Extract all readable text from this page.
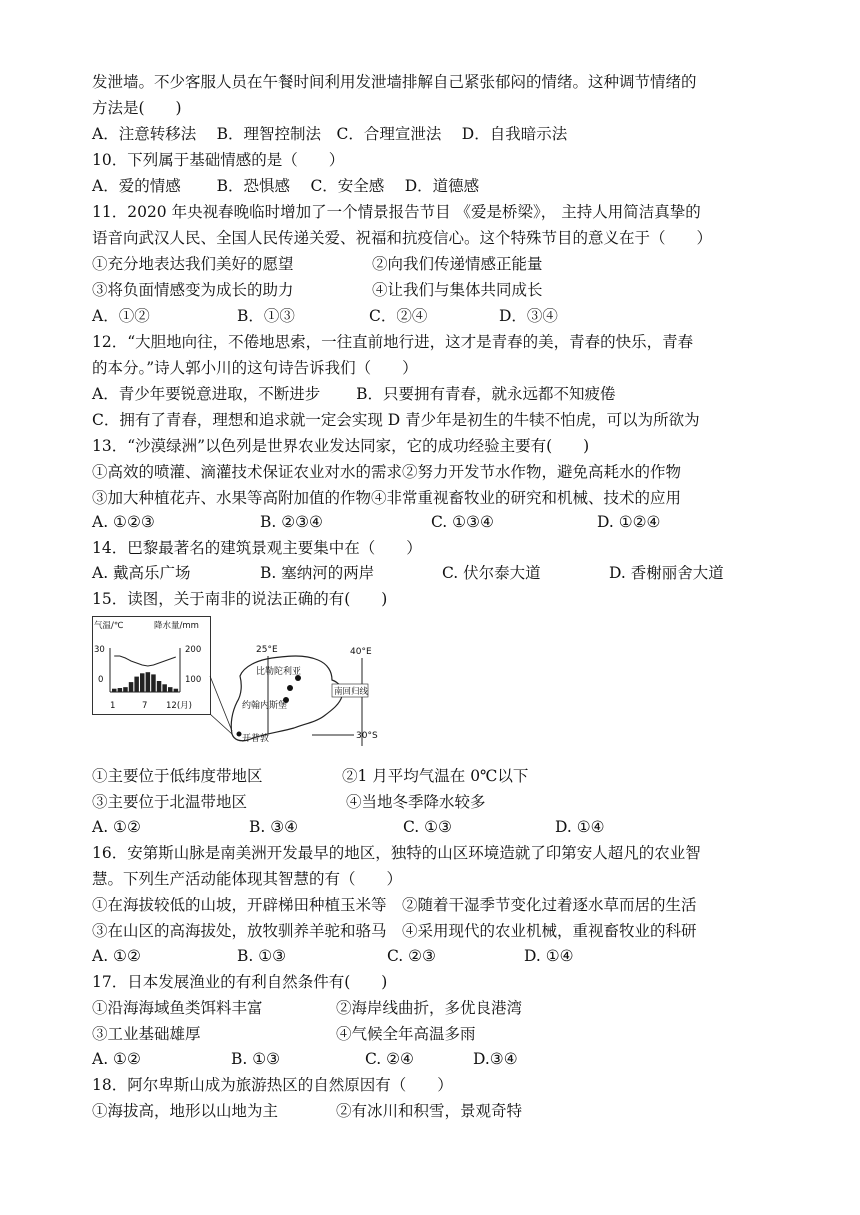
发泄墙。不少客服人员在午餐时间利用发泄墙排解自己紧张郁闷的情绪。这种调节情绪的
方法是(　　)
A．注意转移法　 B．理智控制法　C．合理宣泄法　 D．自我暗示法
10．下列属于基础情感的是（　　）
A．爱的情感　　 B．恐惧感　 C．安全感　 D．道德感
11．2020 年央视春晚临时增加了一个情景报告节目 《爱是桥梁》， 主持人用简洁真挚的
语音向武汉人民、全国人民传递关爱、祝福和抗疫信心。这个特殊节目的意义在于（　　）
①充分地表达我们美好的愿望	②向我们传递情感正能量
③将负面情感变为成长的助力	④让我们与集体共同成长
A．①②	B．①③	C．②④	D．③④
12．“大胆地向往，不倦地思索，一往直前地行进，这才是青春的美，青春的快乐，青春
的本分。”诗人郭小川的这句诗告诉我们（　　）
A．青少年要锐意进取，不断进步　　 B．只要拥有青春，就永远都不知疲倦
C．拥有了青春，理想和追求就一定会实现 D 青少年是初生的牛犊不怕虎，可以为所欲为
13．“沙漠绿洲”以色列是世界农业发达同家，它的成功经验主要有(　　)
①高效的喷灌、滴灌技术保证农业对水的需求②努力开发节水作物，避免高耗水的作物
③加大种植花卉、水果等高附加值的作物④非常重视畜牧业的研究和机械、技术的应用
A. ①②③	B. ②③④	C. ①③④	D. ①②④
14．巴黎最著名的建筑景观主要集中在（　　）
A. 戴高乐广场	B. 塞纳河的两岸	C. 伏尔泰大道	D. 香榭丽舍大道
15．读图，关于南非的说法正确的有(　　)
气温/℃	降水量/mm
30
0
200
100
1	7 12(月)
25°E	40°E
30°S
南回归线
比勒陀利亚
约翰内斯堡
开普敦
①主要位于低纬度带地区	②1 月平均气温在 0℃以下
③主要位于北温带地区	④当地冬季降水较多
A. ①②	B. ③④	C. ①③	D. ①④
16．安第斯山脉是南美洲开发最早的地区，独特的山区环境造就了印第安人超凡的农业智
慧。下列生产活动能体现其智慧的有（　　）
①在海拔较低的山坡，开辟梯田种植玉米等　②随着干湿季节变化过着逐水草而居的生活
③在山区的高海拔处，放牧驯养羊驼和骆马　④采用现代的农业机械，重视畜牧业的科研
A. ①②	B. ①③	C. ②③	D. ①④
17．日本发展渔业的有利自然条件有(　　)
①沿海海域鱼类饵料丰富	②海岸线曲折，多优良港湾
③工业基础雄厚	④气候全年高温多雨
A. ①②	B. ①③	C. ②④	D.③④
18．阿尔卑斯山成为旅游热区的自然原因有（　　）
①海拔高，地形以山地为主	②有冰川和积雪，景观奇特
